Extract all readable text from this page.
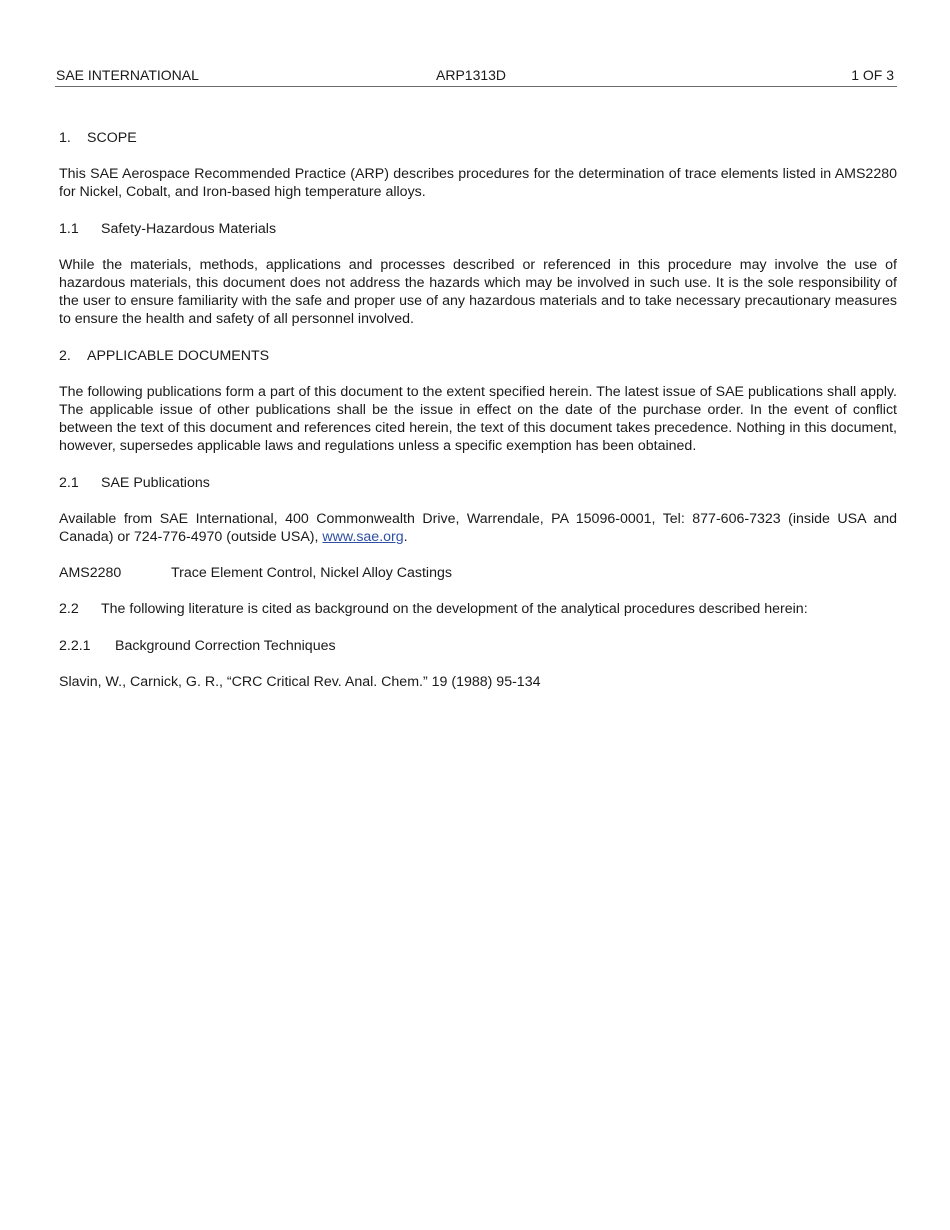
SAE INTERNATIONAL	ARP1313D	1 OF 3
1. SCOPE

This SAE Aerospace Recommended Practice (ARP) describes procedures for the determination of trace elements listed in AMS2280 for Nickel, Cobalt, and Iron-based high temperature alloys.

1.1 Safety-Hazardous Materials

While the materials, methods, applications and processes described or referenced in this procedure may involve the use of hazardous materials, this document does not address the hazards which may be involved in such use. It is the sole responsibility of the user to ensure familiarity with the safe and proper use of any hazardous materials and to take necessary precautionary measures to ensure the health and safety of all personnel involved.

2. APPLICABLE DOCUMENTS

The following publications form a part of this document to the extent specified herein. The latest issue of SAE publications shall apply. The applicable issue of other publications shall be the issue in effect on the date of the purchase order. In the event of conflict between the text of this document and references cited herein, the text of this document takes precedence. Nothing in this document, however, supersedes applicable laws and regulations unless a specific exemption has been obtained.

2.1 SAE Publications

Available from SAE International, 400 Commonwealth Drive, Warrendale, PA 15096-0001, Tel: 877-606-7323 (inside USA and Canada) or 724-776-4970 (outside USA), www.sae.org.

AMS2280	Trace Element Control, Nickel Alloy Castings
2.2 The following literature is cited as background on the development of the analytical procedures described herein:
2.2.1 Background Correction Techniques

Slavin, W., Carnick, G. R., “CRC Critical Rev. Anal. Chem.” 19 (1988) 95-134
